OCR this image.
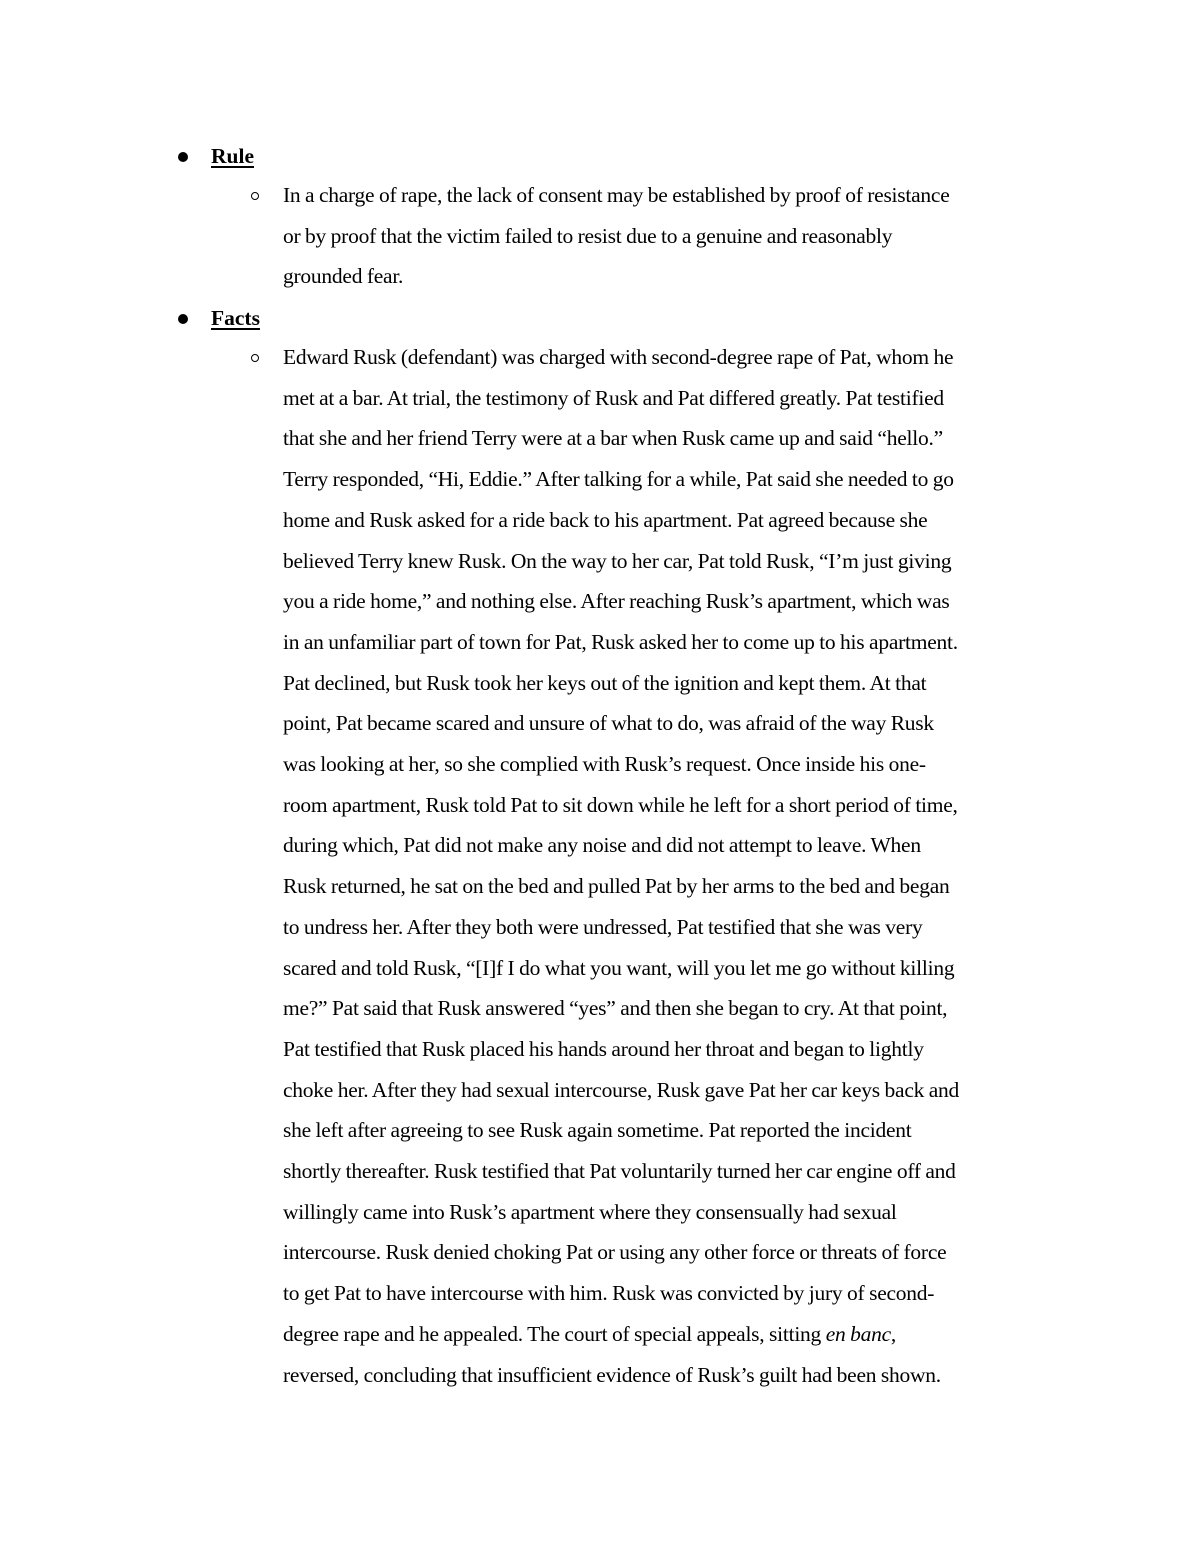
Rule

In a charge of rape, the lack of consent may be established by proof of resistance
or by proof that the victim failed to resist due to a genuine and reasonably
grounded fear.

Facts

Edward Rusk (defendant) was charged with second-degree rape of Pat, whom he
met at a bar. At trial, the testimony of Rusk and Pat differed greatly. Pat testified
that she and her friend Terry were at a bar when Rusk came up and said “hello.”
Terry responded, “Hi, Eddie.” After talking for a while, Pat said she needed to go
home and Rusk asked for a ride back to his apartment. Pat agreed because she
believed Terry knew Rusk. On the way to her car, Pat told Rusk, “I’m just giving
you a ride home,” and nothing else. After reaching Rusk’s apartment, which was
in an unfamiliar part of town for Pat, Rusk asked her to come up to his apartment.
Pat declined, but Rusk took her keys out of the ignition and kept them. At that
point, Pat became scared and unsure of what to do, was afraid of the way Rusk
was looking at her, so she complied with Rusk’s request. Once inside his one-
room apartment, Rusk told Pat to sit down while he left for a short period of time,
during which, Pat did not make any noise and did not attempt to leave. When
Rusk returned, he sat on the bed and pulled Pat by her arms to the bed and began
to undress her. After they both were undressed, Pat testified that she was very
scared and told Rusk, “[I]f I do what you want, will you let me go without killing
me?” Pat said that Rusk answered “yes” and then she began to cry. At that point,
Pat testified that Rusk placed his hands around her throat and began to lightly
choke her. After they had sexual intercourse, Rusk gave Pat her car keys back and
she left after agreeing to see Rusk again sometime. Pat reported the incident
shortly thereafter. Rusk testified that Pat voluntarily turned her car engine off and
willingly came into Rusk’s apartment where they consensually had sexual
intercourse. Rusk denied choking Pat or using any other force or threats of force
to get Pat to have intercourse with him. Rusk was convicted by jury of second-
degree rape and he appealed. The court of special appeals, sitting en banc,
reversed, concluding that insufficient evidence of Rusk’s guilt had been shown.
